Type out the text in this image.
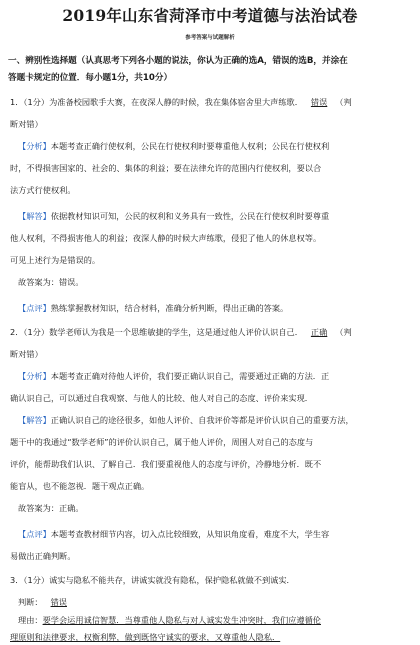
2019年山东省菏泽市中考道德与法治试卷
参考答案与试题解析
一、辨别性选择题（认真思考下列各小题的说法，你认为正确的选A，错误的选B，并涂在
答题卡规定的位置．每小题1分，共10分）
1．（1分）为准备校园歌手大赛，在夜深人静的时候，我在集体宿舍里大声练歌． 错误 （判
断对错）
【分析】本题考查正确行使权利，公民在行使权利时要尊重他人权利；公民在行使权利
时，不得损害国家的、社会的、集体的利益；要在法律允许的范围内行使权利，要以合
法方式行使权利。
【解答】依据教材知识可知，公民的权利和义务具有一致性，公民在行使权利时要尊重
他人权利，不得损害他人的利益；夜深人静的时候大声练歌，侵犯了他人的休息权等。
可见上述行为是错误的。
故答案为：错误。
【点评】熟练掌握教材知识，结合材料，准确分析判断，得出正确的答案。
2．（1分）数学老师认为我是一个思维敏捷的学生，这是通过他人评价认识自己． 正确 （判
断对错）
【分析】本题考查正确对待他人评价，我们要正确认识自己，需要通过正确的方法．正
确认识自己，可以通过自我观察、与他人的比较、他人对自己的态度、评价来实现．
【解答】正确认识自己的途径很多，如他人评价、自我评价等都是评价认识自己的重要方法，
题干中的我通过“数学老师”的评价认识自己，属于他人评价，周围人对自己的态度与
评价，能帮助我们认识、了解自己．我们要重视他人的态度与评价，冷静地分析．既不
能盲从，也不能忽视．题干观点正确。
故答案为：正确。
【点评】本题考查教材细节内容，切入点比较细致，从知识角度看，难度不大，学生容
易做出正确判断。
3．（1分）诚实与隐私不能共存，讲诚实就没有隐私，保护隐私就做不到诚实．
判断： 错误
理由：要学会运用诚信智慧．当尊重他人隐私与对人诚实发生冲突时，我们应遵循伦
理原则和法律要求，权衡利弊，做到既恪守诚实的要求，又尊重他人隐私．
